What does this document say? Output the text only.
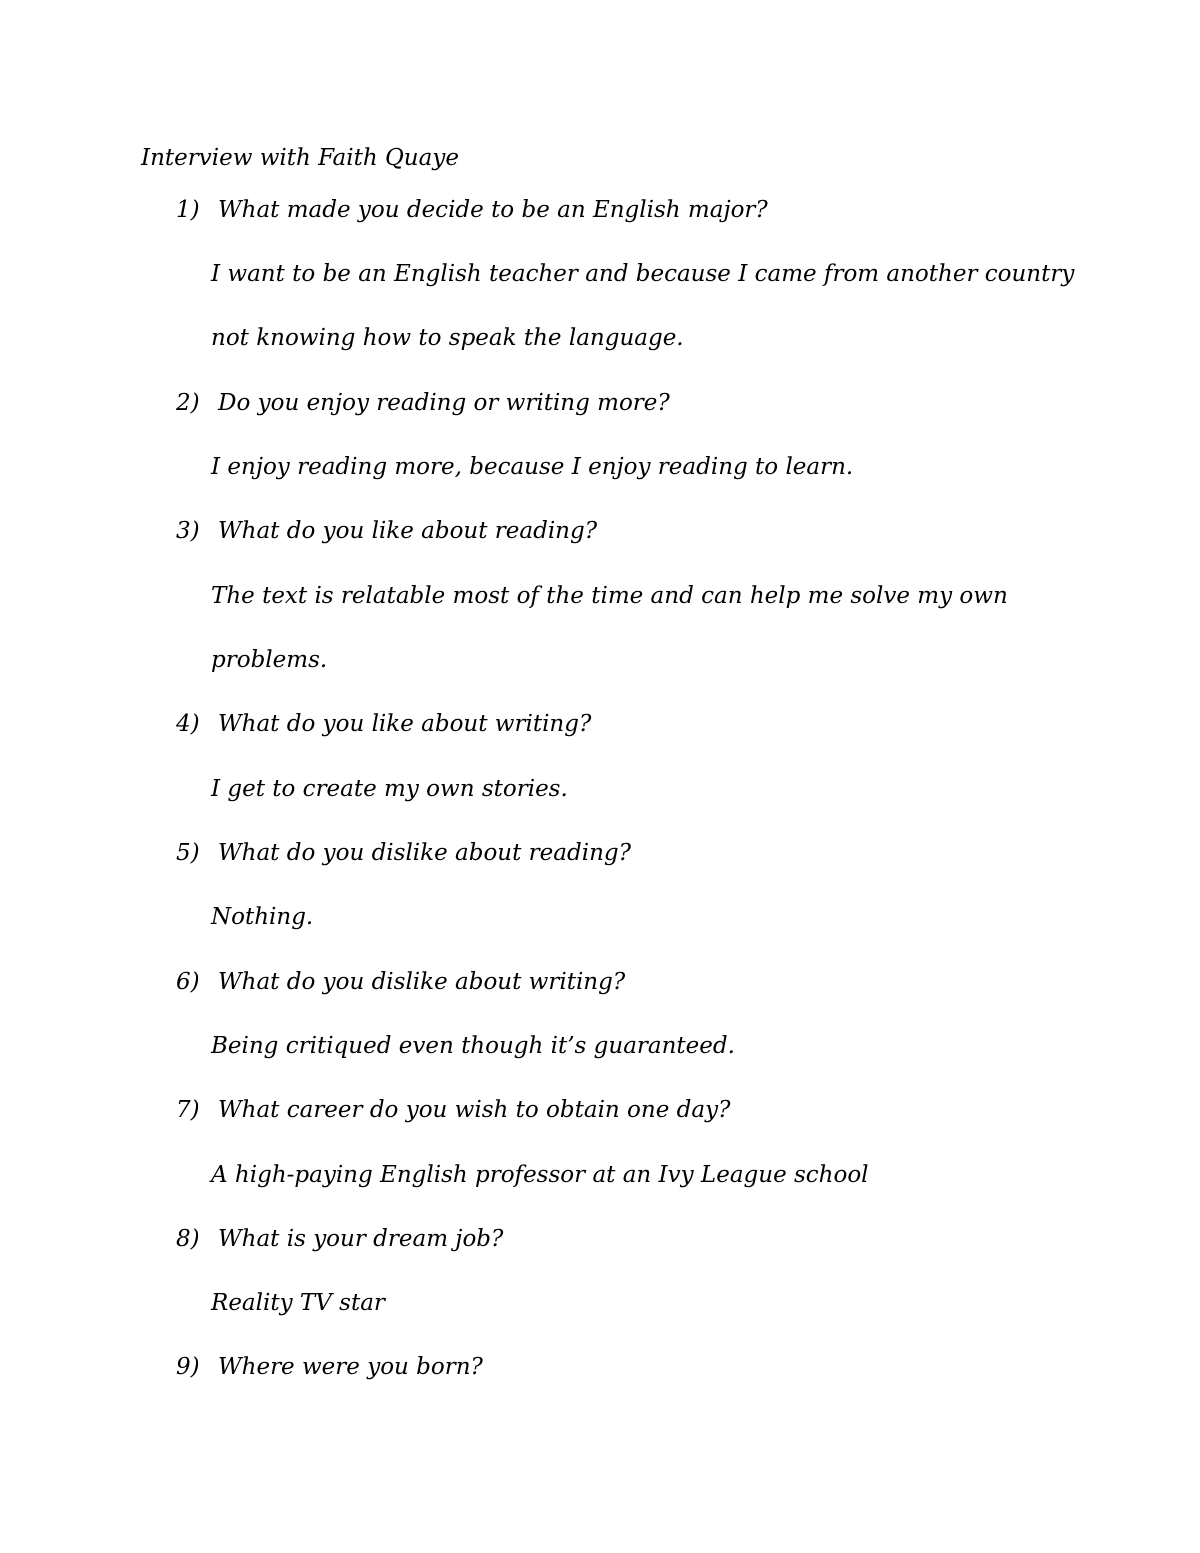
Interview with Faith Quaye
1) What made you decide to be an English major?
I want to be an English teacher and because I came from another country
not knowing how to speak the language.
2) Do you enjoy reading or writing more?
I enjoy reading more, because I enjoy reading to learn.
3) What do you like about reading?
The text is relatable most of the time and can help me solve my own
problems.
4) What do you like about writing?
I get to create my own stories.
5) What do you dislike about reading?
Nothing.
6) What do you dislike about writing?
Being critiqued even though it’s guaranteed.
7) What career do you wish to obtain one day?
A high-paying English professor at an Ivy League school
8) What is your dream job?
Reality TV star
9) Where were you born?
